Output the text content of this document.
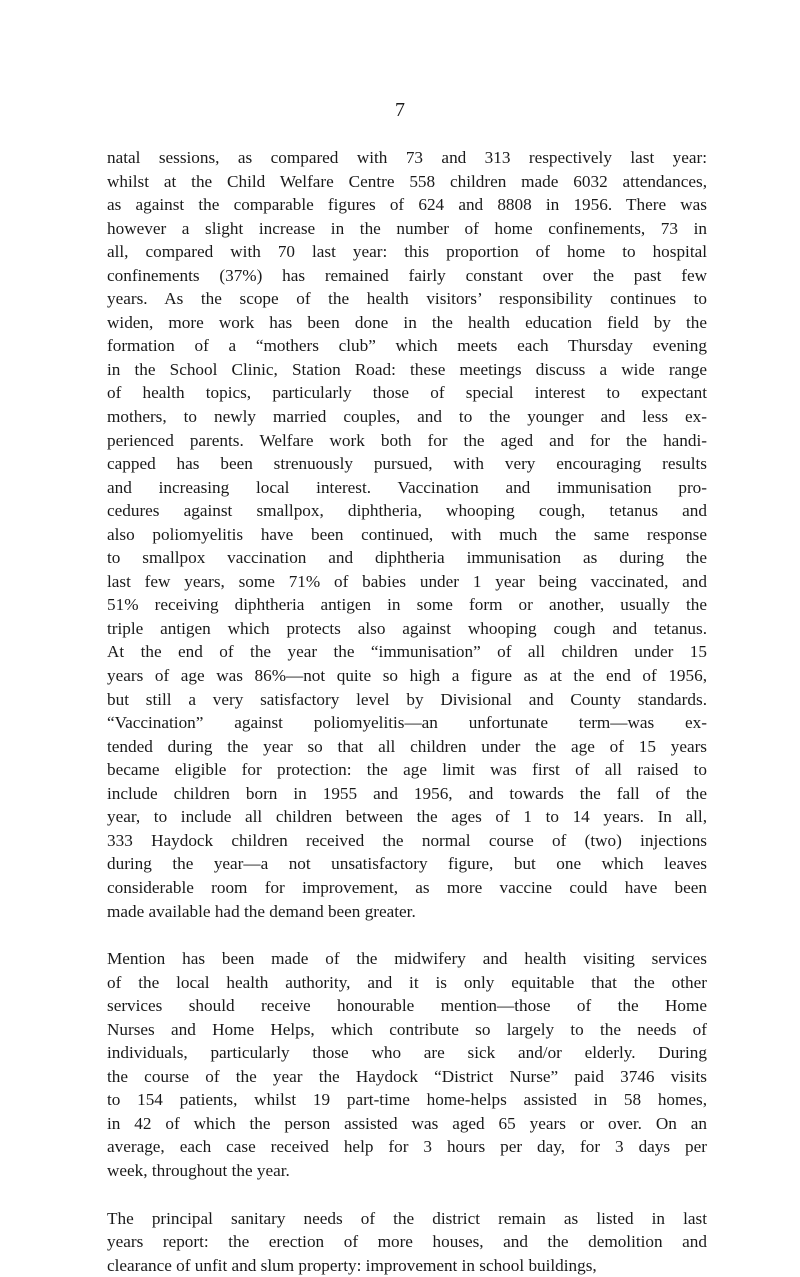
7

natal sessions, as compared with 73 and 313 respectively last year:
whilst at the Child Welfare Centre 558 children made 6032 attendances,
as against the comparable figures of 624 and 8808 in 1956. There was
however a slight increase in the number of home confinements, 73 in
all, compared with 70 last year: this proportion of home to hospital
confinements (37%) has remained fairly constant over the past few
years. As the scope of the health visitors’ responsibility continues to
widen, more work has been done in the health education field by the
formation of a “mothers club” which meets each Thursday evening
in the School Clinic, Station Road: these meetings discuss a wide range
of health topics, particularly those of special interest to expectant
mothers, to newly married couples, and to the younger and less ex-
perienced parents. Welfare work both for the aged and for the handi-
capped has been strenuously pursued, with very encouraging results
and increasing local interest. Vaccination and immunisation pro-
cedures against smallpox, diphtheria, whooping cough, tetanus and
also poliomyelitis have been continued, with much the same response
to smallpox vaccination and diphtheria immunisation as during the
last few years, some 71% of babies under 1 year being vaccinated, and
51% receiving diphtheria antigen in some form or another, usually the
triple antigen which protects also against whooping cough and tetanus.
At the end of the year the “immunisation” of all children under 15
years of age was 86%—not quite so high a figure as at the end of 1956,
but still a very satisfactory level by Divisional and County standards.
“Vaccination” against poliomyelitis—an unfortunate term—was ex-
tended during the year so that all children under the age of 15 years
became eligible for protection: the age limit was first of all raised to
include children born in 1955 and 1956, and towards the fall of the
year, to include all children between the ages of 1 to 14 years. In all,
333 Haydock children received the normal course of (two) injections
during the year—a not unsatisfactory figure, but one which leaves
considerable room for improvement, as more vaccine could have been
made available had the demand been greater.

Mention has been made of the midwifery and health visiting services
of the local health authority, and it is only equitable that the other
services should receive honourable mention—those of the Home
Nurses and Home Helps, which contribute so largely to the needs of
individuals, particularly those who are sick and/or elderly. During
the course of the year the Haydock “District Nurse” paid 3746 visits
to 154 patients, whilst 19 part-time home-helps assisted in 58 homes,
in 42 of which the person assisted was aged 65 years or over. On an
average, each case received help for 3 hours per day, for 3 days per
week, throughout the year.

The principal sanitary needs of the district remain as listed in last
years report: the erection of more houses, and the demolition and
clearance of unfit and slum property: improvement in school buildings,
